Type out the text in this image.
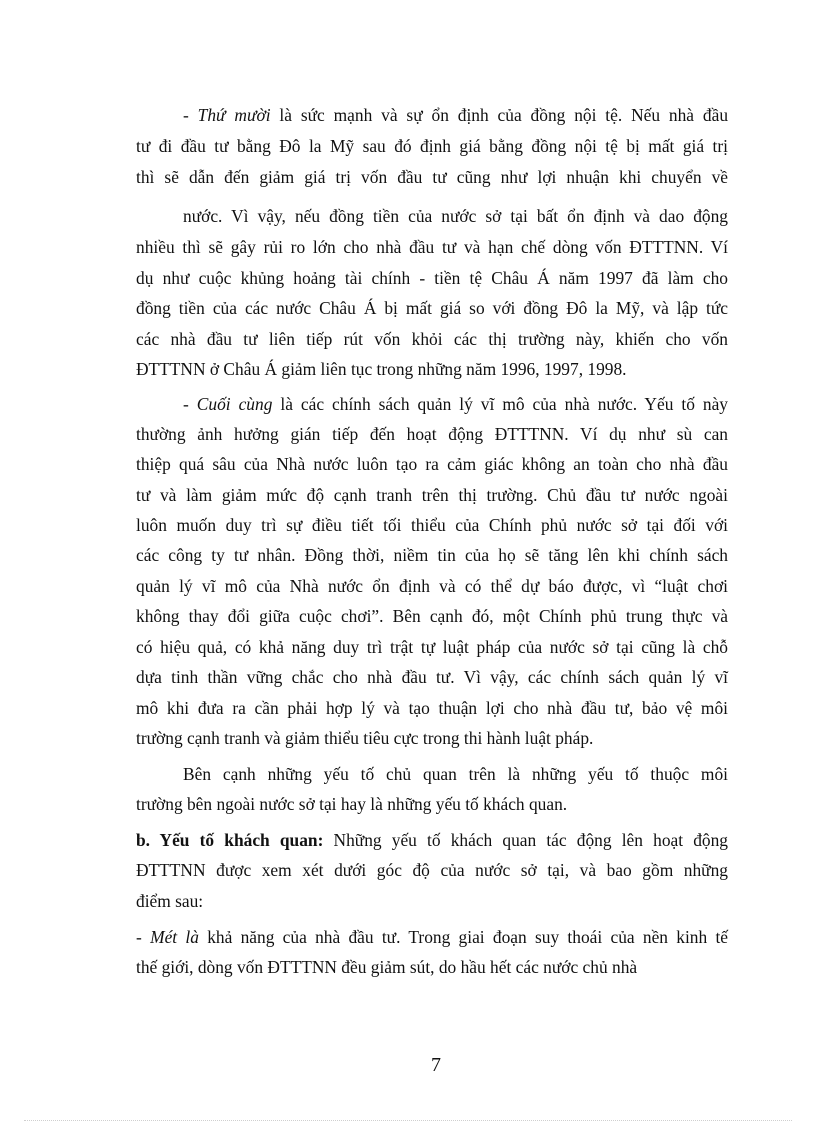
- Thứ mười là sức mạnh và sự ổn định của đồng nội tệ. Nếu nhà đầu
tư đi đầu tư bằng Đô la Mỹ sau đó định giá bằng đồng nội tệ bị mất giá trị
thì sẽ dẫn đến giảm giá trị vốn đầu tư cũng như lợi nhuận khi chuyển về
nước. Vì vậy, nếu đồng tiền của nước sở tại bất ổn định và dao động
nhiều thì sẽ gây rủi ro lớn cho nhà đầu tư và hạn chế dòng vốn ĐTTTNN. Ví
dụ như cuộc khủng hoảng tài chính - tiền tệ Châu Á năm 1997 đã làm cho
đồng tiền của các nước Châu Á bị mất giá so với đồng Đô la Mỹ, và lập tức
các nhà đầu tư liên tiếp rút vốn khỏi các thị trường này, khiến cho vốn
ĐTTTNN ở Châu Á giảm liên tục trong những năm 1996, 1997, 1998.
- Cuối cùng là các chính sách quản lý vĩ mô của nhà nước. Yếu tố này
thường ảnh hưởng gián tiếp đến hoạt động ĐTTTNN. Ví dụ như sù can
thiệp quá sâu của Nhà nước luôn tạo ra cảm giác không an toàn cho nhà đầu
tư và làm giảm mức độ cạnh tranh trên thị trường. Chủ đầu tư nước ngoài
luôn muốn duy trì sự điều tiết tối thiểu của Chính phủ nước sở tại đối với
các công ty tư nhân. Đồng thời, niềm tin của họ sẽ tăng lên khi chính sách
quản lý vĩ mô của Nhà nước ổn định và có thể dự báo được, vì “luật chơi
không thay đổi giữa cuộc chơi”. Bên cạnh đó, một Chính phủ trung thực và
có hiệu quả, có khả năng duy trì trật tự luật pháp của nước sở tại cũng là chỗ
dựa tinh thần vững chắc cho nhà đầu tư. Vì vậy, các chính sách quản lý vĩ
mô khi đưa ra cần phải hợp lý và tạo thuận lợi cho nhà đầu tư, bảo vệ môi
trường cạnh tranh và giảm thiểu tiêu cực trong thi hành luật pháp.
Bên cạnh những yếu tố chủ quan trên là những yếu tố thuộc môi
trường bên ngoài nước sở tại hay là những yếu tố khách quan.
b. Yếu tố khách quan: Những yếu tố khách quan tác động lên hoạt động
ĐTTTNN được xem xét dưới góc độ của nước sở tại, và bao gồm những
điểm sau:
- Mét là khả năng của nhà đầu tư. Trong giai đoạn suy thoái của nền kinh tế
thế giới, dòng vốn ĐTTTNN đều giảm sút, do hầu hết các nước chủ nhà
7
